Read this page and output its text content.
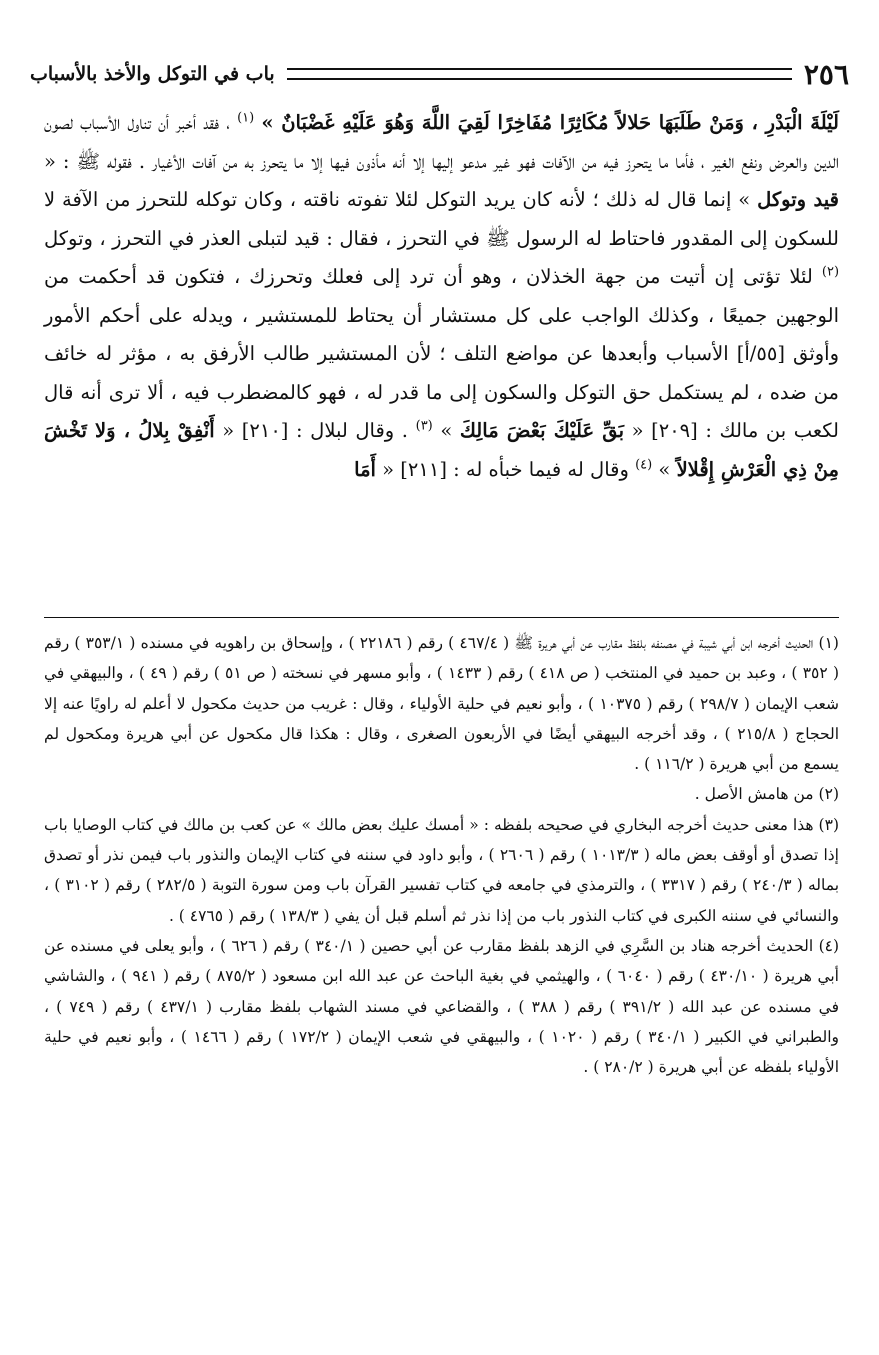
باب في التوكل والأخذ بالأسباب	٢٥٦

لَيْلَةَ الْبَدْرِ ، وَمَنْ طَلَبَهَا حَلالاً مُكَاثِرًا مُفَاخِرًا لَقِيَ اللَّهَ وَهُوَ عَلَيْهِ غَضْبَانٌ » $^{(١)}$ ، فقد أخبر أن تناول الأسباب لصون الدين والعرض ونفع الغير ، فأما ما يتحرز فيه من الآفات فهو غير مدعو إليها إلا أنه مأذون فيها إلا ما يتحرز به من آفات الأغيار . فقوله ﷺ : « قيد وتوكل » إنما قال له ذلك ؛ لأنه كان يريد التوكل لئلا تفوته ناقته ، وكان توكله للتحرز من الآفة لا للسكون إلى المقدور فاحتاط له الرسول ﷺ في التحرز ، فقال : قيد لتبلى العذر في التحرز ، وتوكل $^{(٢)}$ لئلا تؤتى إن أتيت من جهة الخذلان ، وهو أن ترد إلى فعلك وتحرزك ، فتكون قد أحكمت من الوجهين جميعًا ، وكذلك الواجب على كل مستشار أن يحتاط للمستشير ، ويدله على أحكم الأمور وأوثق [٥٥/أ] الأسباب وأبعدها عن مواضع التلف ؛ لأن المستشير طالب الأرفق به ، مؤثر له خائف من ضده ، لم يستكمل حق التوكل والسكون إلى ما قدر له ، فهو كالمضطرب فيه ، ألا ترى أنه قال لكعب بن مالك : [٢٠٩] « بَقِّ عَلَيْكَ بَعْضَ مَالِكَ » $^{(٣)}$ . وقال لبلال : [٢١٠] « أَنْفِقْ بِلالُ ، وَلا تَخْشَ مِنْ ذِي الْعَرْشِ إِقْلالاً » $^{(٤)}$ وقال له فيما خبأه له : [٢١١] « أَمَا

(١) الحديث أخرجه ابن أبي شيبة في مصنفه بلفظ مقارب عن أبي هريرة ﷺ ( ٤٦٧/٤ ) رقم ( ٢٢١٨٦ ) ، وإسحاق بن راهويه في مسنده ( ٣٥٣/١ ) رقم ( ٣٥٢ ) ، وعبد بن حميد في المنتخب ( ص ٤١٨ ) رقم ( ١٤٣٣ ) ، وأبو مسهر في نسخته ( ص ٥١ ) رقم ( ٤٩ ) ، والبيهقي في شعب الإيمان ( ٢٩٨/٧ ) رقم ( ١٠٣٧٥ ) ، وأبو نعيم في حلية الأولياء ، وقال : غريب من حديث مكحول لا أعلم له راويًا عنه إلا الحجاج ( ٢١٥/٨ ) ، وقد أخرجه البيهقي أيضًا في الأربعون الصغرى ، وقال : هكذا قال مكحول عن أبي هريرة ومكحول لم يسمع من أبي هريرة ( ١١٦/٢ ) .

(٢) من هامش الأصل .

(٣) هذا معنى حديث أخرجه البخاري في صحيحه بلفظه : « أمسك عليك بعض مالك » عن كعب بن مالك في كتاب الوصايا باب إذا تصدق أو أوقف بعض ماله ( ١٠١٣/٣ ) رقم ( ٢٦٠٦ ) ، وأبو داود في سننه في كتاب الإيمان والنذور باب فيمن نذر أو تصدق بماله ( ٢٤٠/٣ ) رقم ( ٣٣١٧ ) ، والترمذي في جامعه في كتاب تفسير القرآن باب ومن سورة التوبة ( ٢٨٢/٥ ) رقم ( ٣١٠٢ ) ، والنسائي في سننه الكبرى في كتاب النذور باب من إذا نذر ثم أسلم قبل أن يفي ( ١٣٨/٣ ) رقم ( ٤٧٦٥ ) .

(٤) الحديث أخرجه هناد بن السَّرِي في الزهد بلفظ مقارب عن أبي حصين ( ٣٤٠/١ ) رقم ( ٦٢٦ ) ، وأبو يعلى في مسنده عن أبي هريرة ( ٤٣٠/١٠ ) رقم ( ٦٠٤٠ ) ، والهيثمي في بغية الباحث عن عبد الله ابن مسعود ( ٨٧٥/٢ ) رقم ( ٩٤١ ) ، والشاشي في مسنده عن عبد الله ( ٣٩١/٢ ) رقم ( ٣٨٨ ) ، والقضاعي في مسند الشهاب بلفظ مقارب ( ٤٣٧/١ ) رقم ( ٧٤٩ ) ، والطبراني في الكبير ( ٣٤٠/١ ) رقم ( ١٠٢٠ ) ، والبيهقي في شعب الإيمان ( ١٧٢/٢ ) رقم ( ١٤٦٦ ) ، وأبو نعيم في حلية الأولياء بلفظه عن أبي هريرة ( ٢٨٠/٢ ) .
